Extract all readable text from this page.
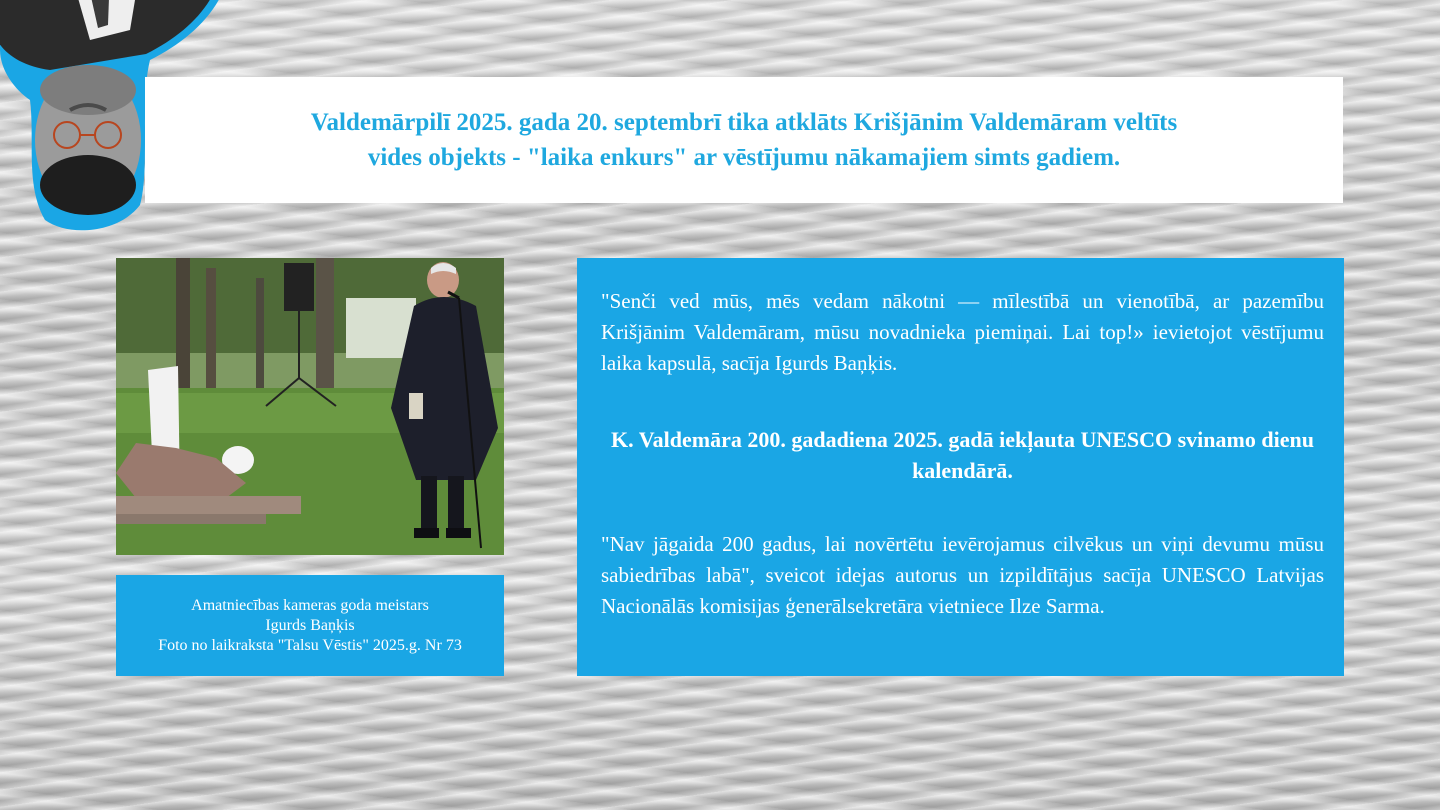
Valdemārpilī 2025. gada 20. septembrī tika atklāts Krišjānim Valdemāram veltīts
vides objekts - "laika enkurs" ar vēstījumu nākamajiem simts gadiem.
Amatniecības kameras goda meistars
Igurds Baņķis
Foto no laikraksta "Talsu Vēstis" 2025.g. Nr 73

"Senči ved mūs, mēs vedam nākotni — mīlestībā un vienotībā, ar pazemību Krišjānim Valdemāram, mūsu novadnieka piemiņai. Lai top!» ievietojot vēstījumu laika kapsulā, sacīja Igurds Baņķis.

K. Valdemāra 200. gadadiena 2025. gadā iekļauta UNESCO svinamo dienu kalendārā.

"Nav jāgaida 200 gadus, lai novērtētu ievērojamus cilvēkus un viņi devumu mūsu sabiedrības labā", sveicot idejas autorus un izpildītājus sacīja UNESCO Latvijas Nacionālās komisijas ģenerālsekretāra vietniece Ilze Sarma.
